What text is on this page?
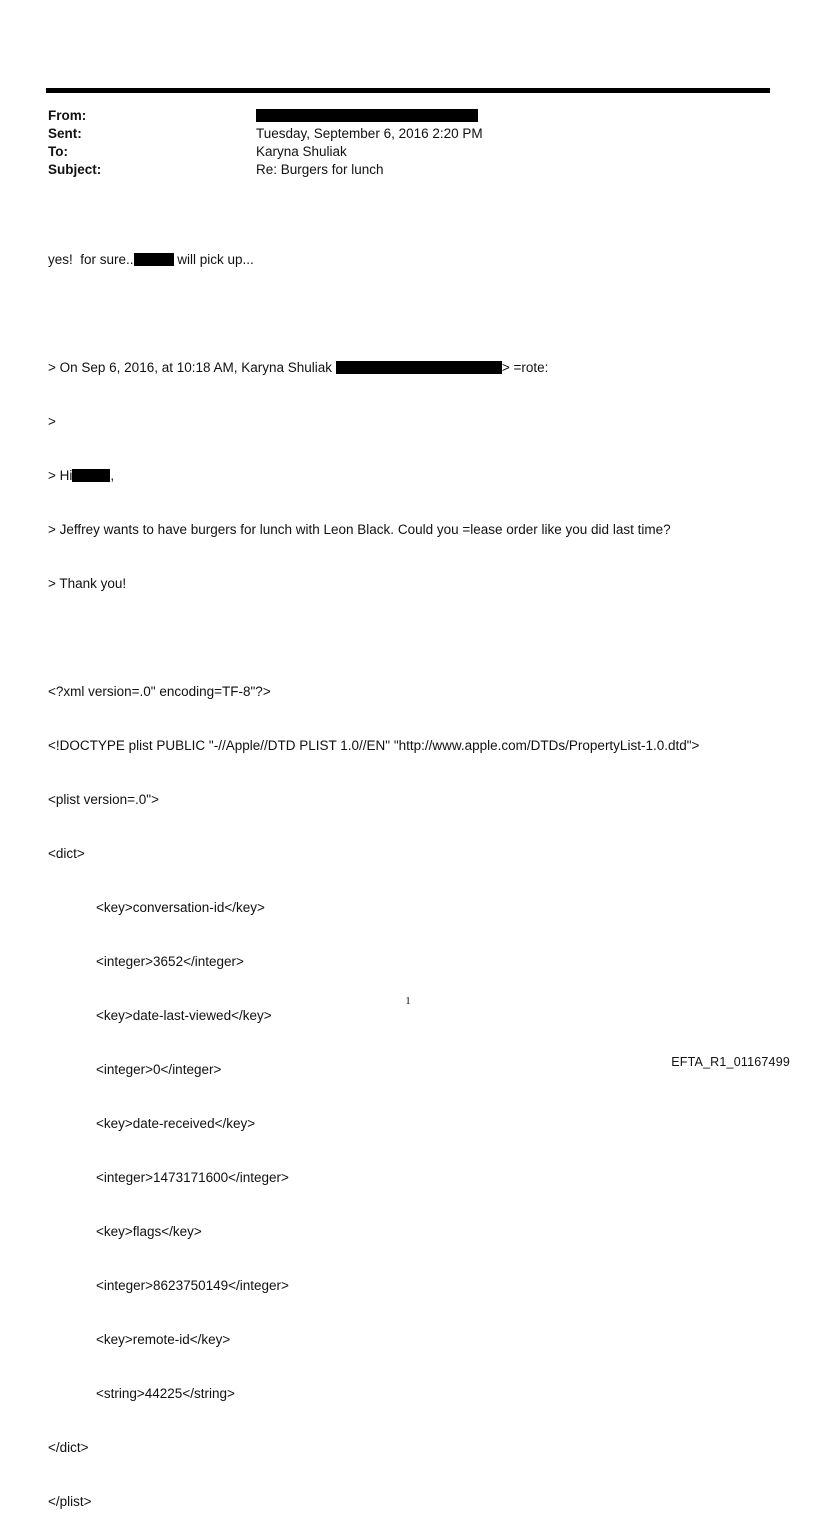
From:
Sent:	Tuesday, September 6, 2016 2:20 PM
To:	Karyna Shuliak
Subject:	Re: Burgers for lunch

yes!  for sure..	will pick up...

> On Sep 6, 2016, at 10:18 AM, Karyna Shuliak	> =rote:

>

> Hi	,

> Jeffrey wants to have burgers for lunch with Leon Black. Could you =lease order like you did last time?

> Thank you!

<?xml version=.0" encoding=TF-8"?>

<!DOCTYPE plist PUBLIC "-//Apple//DTD PLIST 1.0//EN" "http://www.apple.com/DTDs/PropertyList-1.0.dtd">

<plist version=.0">

<dict>

<key>conversation-id</key>

<integer>3652</integer>

<key>date-last-viewed</key>

<integer>0</integer>

<key>date-received</key>

<integer>1473171600</integer>

<key>flags</key>

<integer>8623750149</integer>

<key>remote-id</key>

<string>44225</string>

</dict>

</plist>

1
EFTA_R1_01167499
